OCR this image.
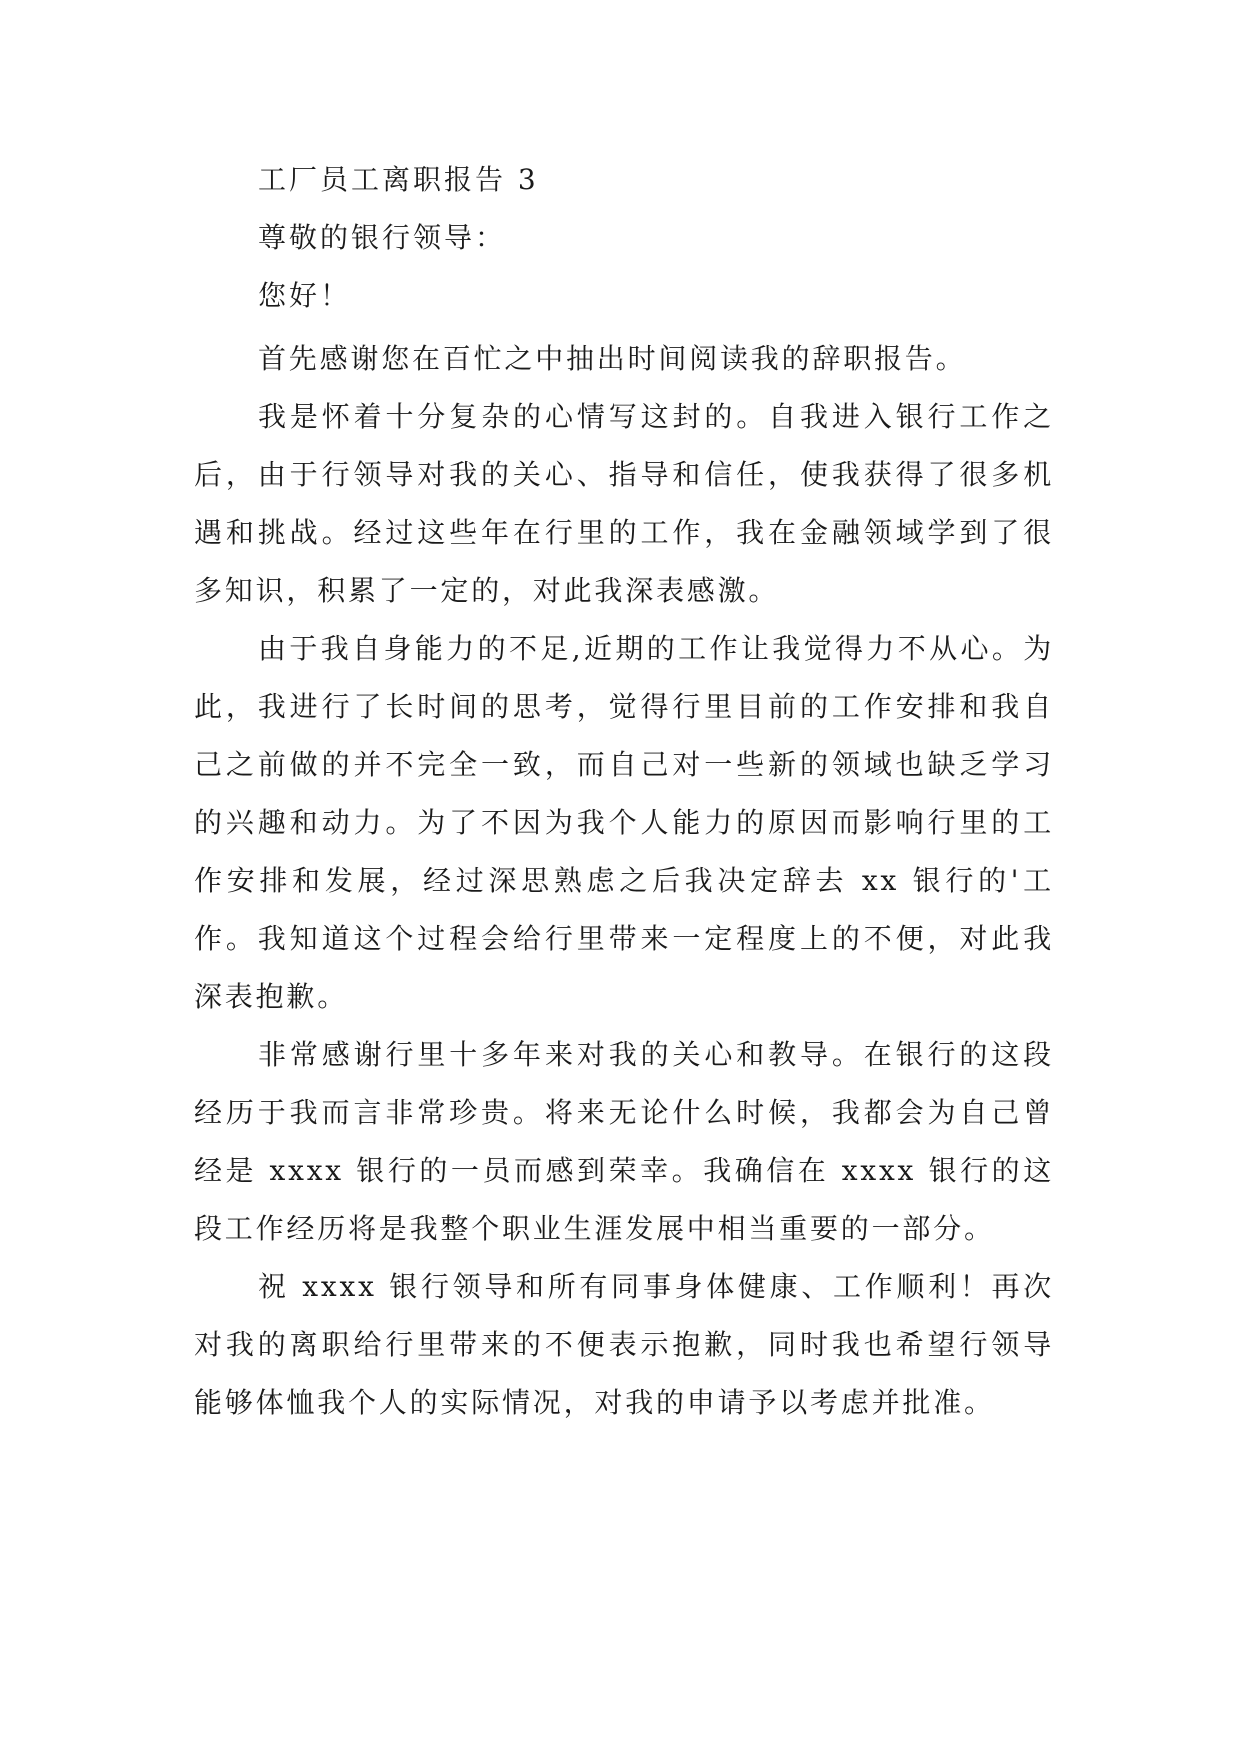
工厂员工离职报告 3
尊敬的银行领导：
您好！

首先感谢您在百忙之中抽出时间阅读我的辞职报告。

我是怀着十分复杂的心情写这封的。自我进入银行工作之后，由于行领导对我的关心、指导和信任，使我获得了很多机遇和挑战。经过这些年在行里的工作，我在金融领域学到了很多知识，积累了一定的，对此我深表感激。

由于我自身能力的不足,近期的工作让我觉得力不从心。为此，我进行了长时间的思考，觉得行里目前的工作安排和我自己之前做的并不完全一致，而自己对一些新的领域也缺乏学习的兴趣和动力。为了不因为我个人能力的原因而影响行里的工作安排和发展，经过深思熟虑之后我决定辞去 xx 银行的'工作。我知道这个过程会给行里带来一定程度上的不便，对此我深表抱歉。

非常感谢行里十多年来对我的关心和教导。在银行的这段经历于我而言非常珍贵。将来无论什么时候，我都会为自己曾经是 xxxx 银行的一员而感到荣幸。我确信在 xxxx 银行的这段工作经历将是我整个职业生涯发展中相当重要的一部分。

祝 xxxx 银行领导和所有同事身体健康、工作顺利！再次对我的离职给行里带来的不便表示抱歉，同时我也希望行领导能够体恤我个人的实际情况，对我的申请予以考虑并批准。
